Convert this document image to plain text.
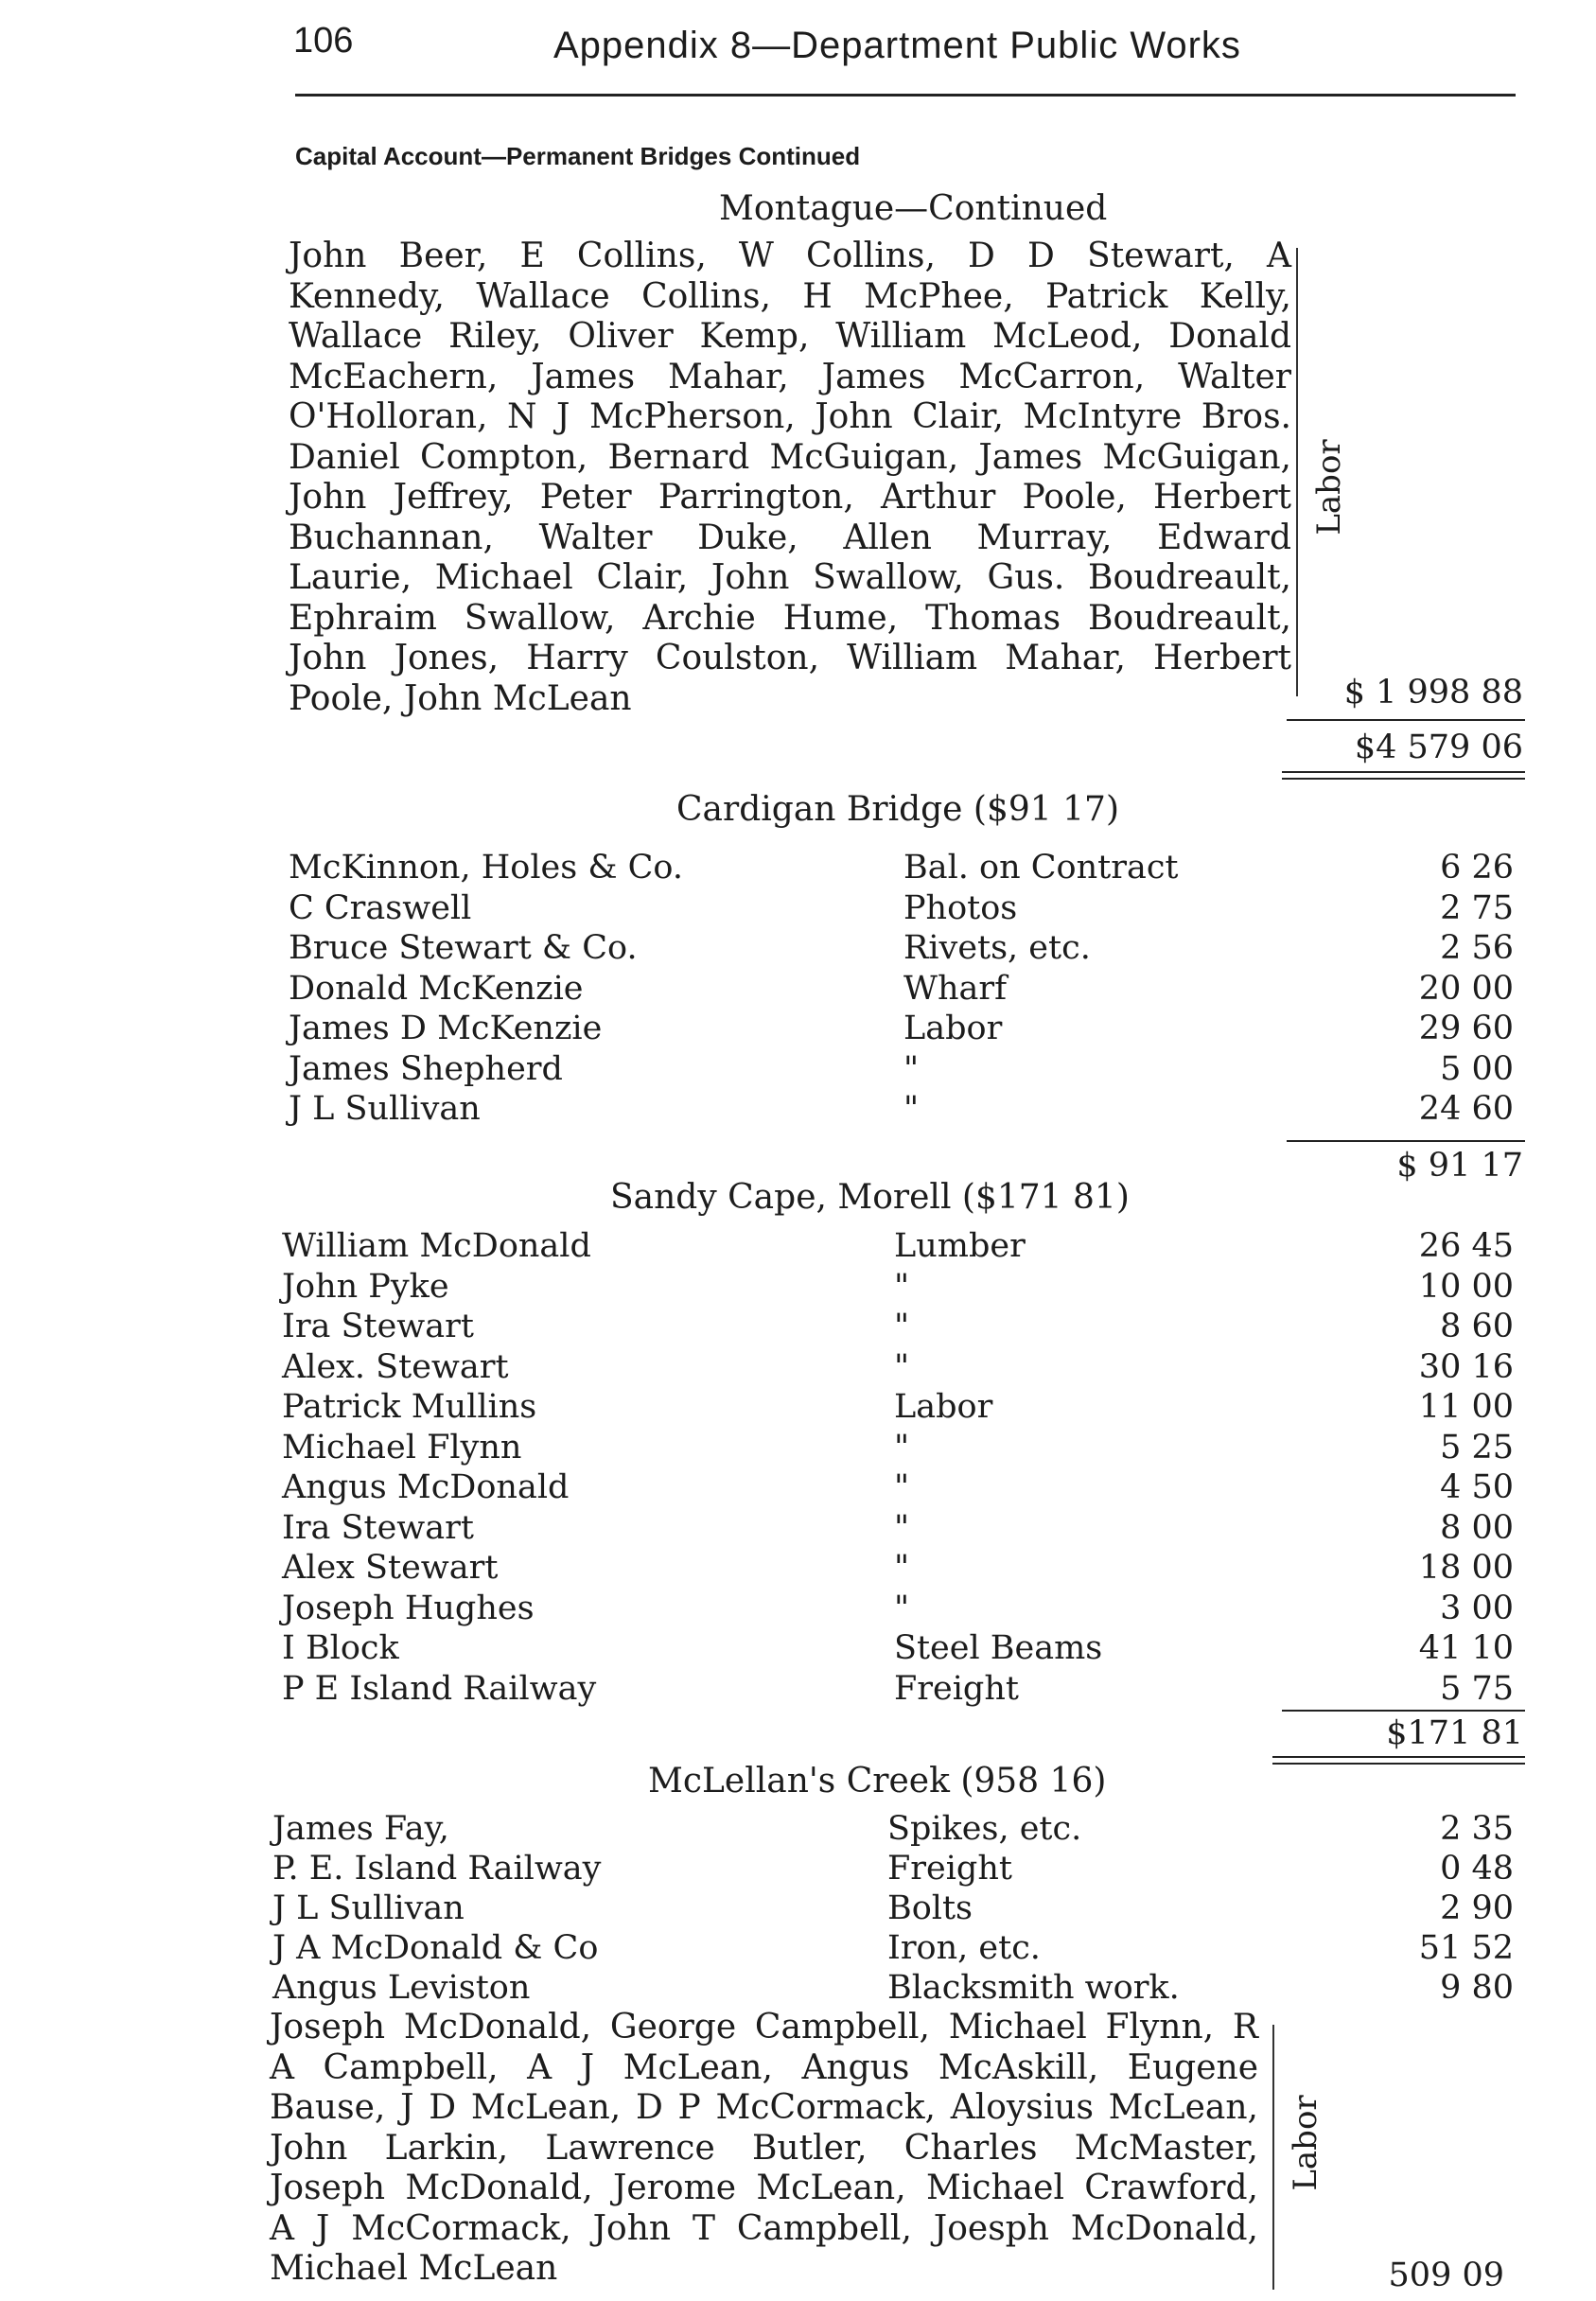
106	Appendix 8—Department Public Works
Capital Account—Permanent Bridges Continued
Montague—Continued
John Beer, E Collins, W Collins, D D Stewart, A
Kennedy, Wallace Collins, H McPhee, Patrick Kelly,
Wallace Riley, Oliver Kemp, William McLeod, Donald
McEachern, James Mahar, James McCarron, Walter
O'Holloran, N J McPherson, John Clair, McIntyre Bros.
Daniel Compton, Bernard McGuigan, James McGuigan,
John Jeffrey, Peter Parrington, Arthur Poole, Herbert
Buchannan, Walter Duke, Allen Murray, Edward
Laurie, Michael Clair, John Swallow, Gus. Boudreault,
Ephraim Swallow, Archie Hume, Thomas Boudreault,
John Jones, Harry Coulston, William Mahar, Herbert
Poole, John McLean
Labor
$ 1 998 88
$4 579 06
Cardigan Bridge ($91 17)
McKinnon, Holes & Co.	Bal. on Contract	6 26
C Craswell	Photos	2 75
Bruce Stewart & Co.	Rivets, etc.	2 56
Donald McKenzie	Wharf	20 00
James D McKenzie	Labor	29 60
James Shepherd	"	5 00
J L Sullivan	"	24 60
$ 91 17
Sandy Cape, Morell ($171 81)
William McDonald	Lumber	26 45
John Pyke	"	10 00
Ira Stewart	"	8 60
Alex. Stewart	"	30 16
Patrick Mullins	Labor	11 00
Michael Flynn	"	5 25
Angus McDonald	"	4 50
Ira Stewart	"	8 00
Alex Stewart	"	18 00
Joseph Hughes	"	3 00
I Block	Steel Beams	41 10
P E Island Railway	Freight	5 75
$171 81
McLellan's Creek (958 16)
James Fay,	Spikes, etc.	2 35
P. E. Island Railway	Freight	0 48
J L Sullivan	Bolts	2 90
J A McDonald & Co	Iron, etc.	51 52
Angus Leviston	Blacksmith work.	9 80
Joseph McDonald, George Campbell, Michael Flynn, R
A Campbell, A J McLean, Angus McAskill, Eugene
Bause, J D McLean, D P McCormack, Aloysius McLean,
John Larkin, Lawrence Butler, Charles McMaster,
Joseph McDonald, Jerome McLean, Michael Crawford,
A J McCormack, John T Campbell, Joesph McDonald,
Michael McLean
Labor
509 09
